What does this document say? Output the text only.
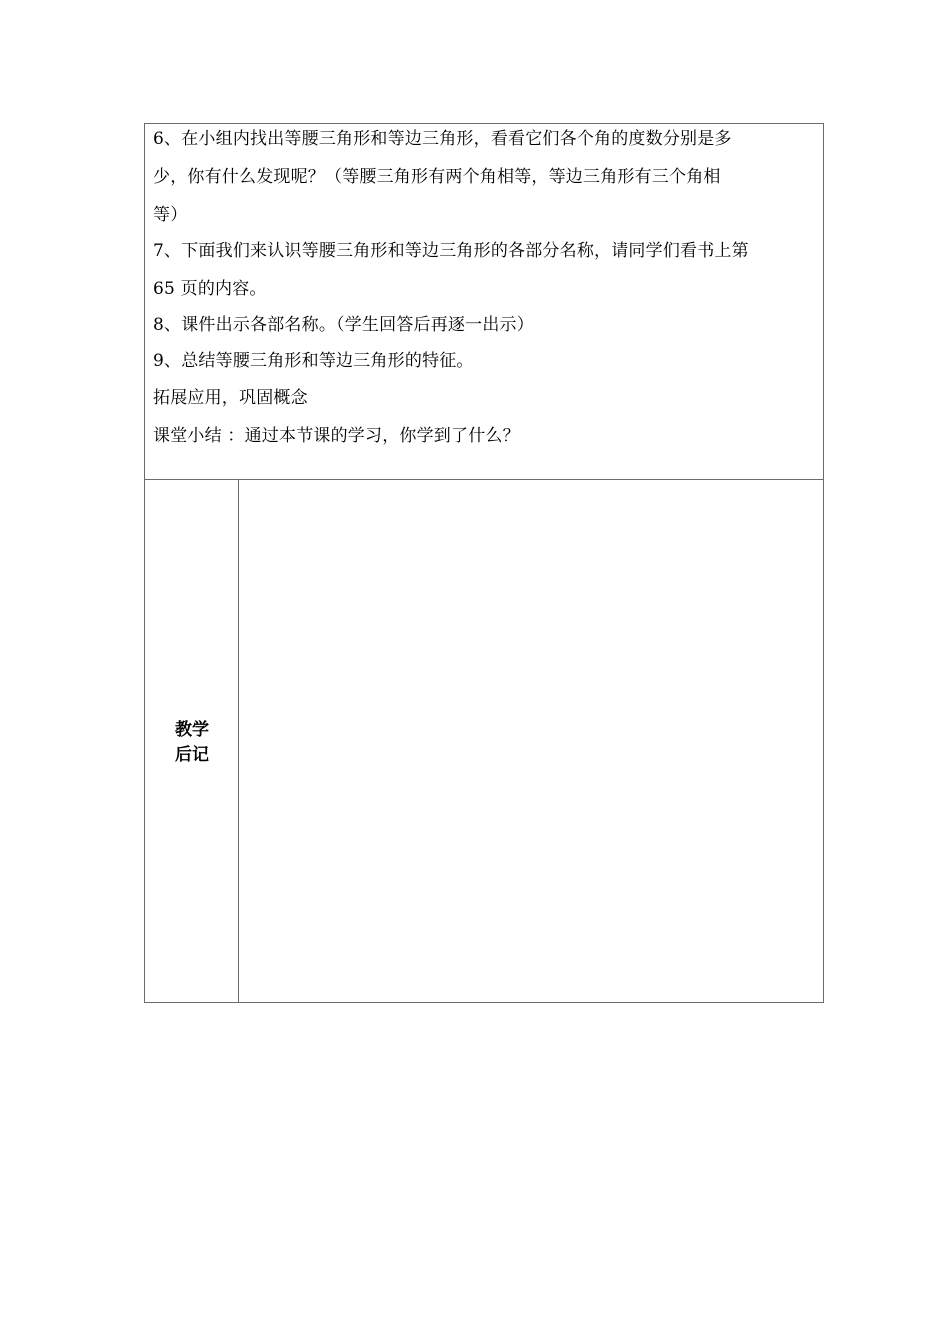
6、在小组内找出等腰三角形和等边三角形，看看它们各个角的度数分别是多
少，你有什么发现呢？（等腰三角形有两个角相等，等边三角形有三个角相
等）
7、下面我们来认识等腰三角形和等边三角形的各部分名称，请同学们看书上第
65 页的内容。
8、课件出示各部名称。（学生回答后再逐一出示）
9、总结等腰三角形和等边三角形的特征。
拓展应用，巩固概念
课堂小结 ：通过本节课的学习，你学到了什么？
教学
后记
